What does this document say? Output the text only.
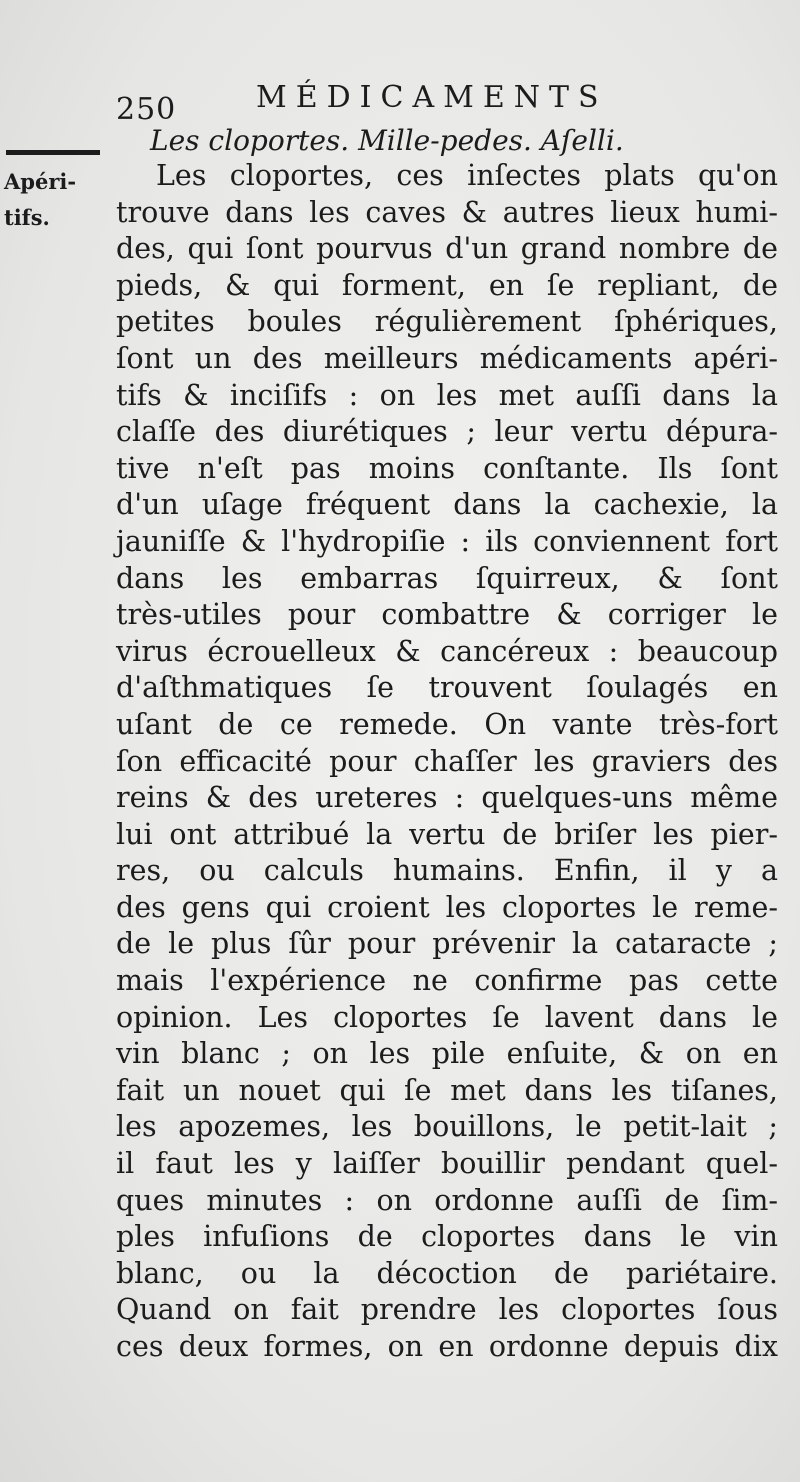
250	MÉDICAMENTS
Les cloportes. Mille-pedes. Aſelli.
Apéri-
tifs.
Les cloportes, ces inſectes plats qu'on
trouve dans les caves & autres lieux humi-
des, qui ſont pourvus d'un grand nombre de
pieds, & qui forment, en ſe repliant, de
petites boules régulièrement ſphériques,
ſont un des meilleurs médicaments apéri-
tifs & inciſifs : on les met auſſi dans la
claſſe des diurétiques ; leur vertu dépura-
tive n'eſt pas moins conſtante. Ils ſont
d'un uſage fréquent dans la cachexie, la
jauniſſe & l'hydropiſie : ils conviennent fort
dans les embarras ſquirreux, & ſont
très-utiles pour combattre & corriger le
virus écrouelleux & cancéreux : beaucoup
d'aſthmatiques ſe trouvent ſoulagés en
uſant de ce remede. On vante très-fort
ſon efficacité pour chaſſer les graviers des
reins & des ureteres : quelques-uns même
lui ont attribué la vertu de briſer les pier-
res, ou calculs humains. Enfin, il y a
des gens qui croient les cloportes le reme-
de le plus ſûr pour prévenir la cataracte ;
mais l'expérience ne confirme pas cette
opinion. Les cloportes ſe lavent dans le
vin blanc ; on les pile enſuite, & on en
fait un nouet qui ſe met dans les tiſanes,
les apozemes, les bouillons, le petit-lait ;
il faut les y laiſſer bouillir pendant quel-
ques minutes : on ordonne auſſi de ſim-
ples infuſions de cloportes dans le vin
blanc, ou la décoction de pariétaire.
Quand on fait prendre les cloportes ſous
ces deux formes, on en ordonne depuis dix
